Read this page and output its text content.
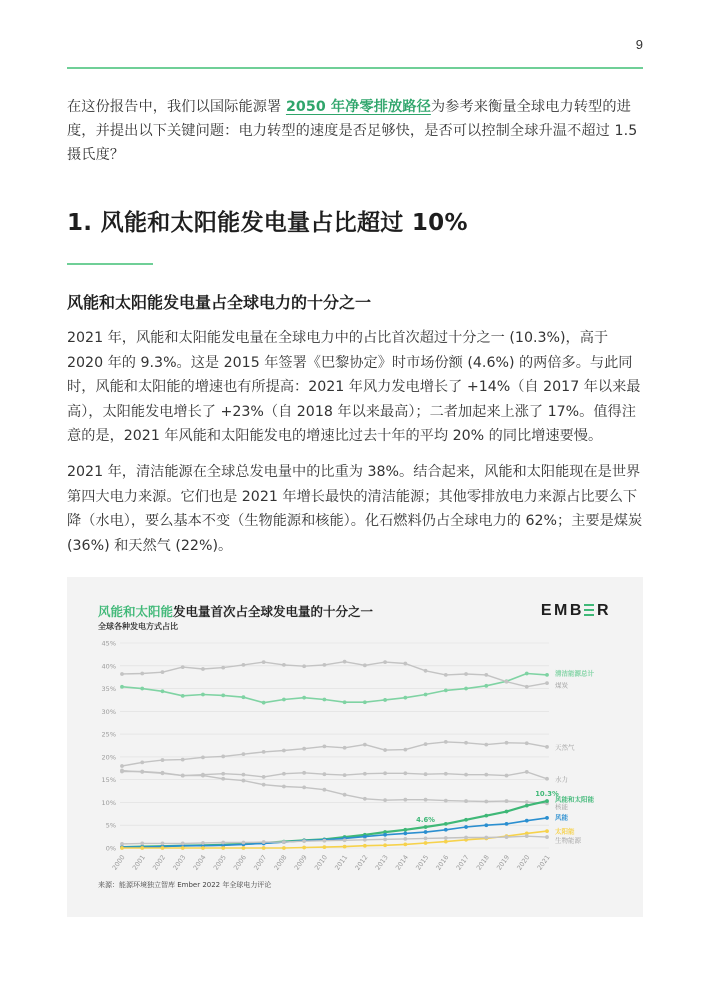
9

在这份报告中，我们以国际能源署 2050 年净零排放路径为参考来衡量全球电力转型的进度，并提出以下关键问题：电力转型的速度是否足够快，是否可以控制全球升温不超过 1.5 摄氏度？

1. 风能和太阳能发电量占比超过 10%
风能和太阳能发电量占全球电力的十分之一

2021 年，风能和太阳能发电量在全球电力中的占比首次超过十分之一 (10.3%)，高于 2020 年的 9.3%。这是 2015 年签署《巴黎协定》时市场份额 (4.6%) 的两倍多。与此同时，风能和太阳能的增速也有所提高：2021 年风力发电增长了 +14%（自 2017 年以来最高），太阳能发电增长了 +23%（自 2018 年以来最高）；二者加起来上涨了 17%。值得注意的是，2021 年风能和太阳能发电的增速比过去十年的平均 20% 的同比增速要慢。

2021 年，清洁能源在全球总发电量中的比重为 38%。结合起来，风能和太阳能现在是世界第四大电力来源。它们也是 2021 年增长最快的清洁能源；其他零排放电力来源占比要么下降（水电），要么基本不变（生物能源和核能）。化石燃料仍占全球电力的 62%；主要是煤炭 (36%) 和天然气 (22%)。

0%
5%
10%
15%
20%
25%
30%
35%
40%
45%
2000 2001 2002 2003 2004 2005 2006 2007 2008 2009 2010 2011 2012 2013 2014 2015 2016 2017 2018 2019 2020 2021
清洁能源总计
煤炭
天然气
水力
核能
风能和太阳能
风能
太阳能
生物能源
4.6%
10.3%
风能和太阳能发电量首次占全球发电量的十分之一
全球各种发电方式占比
EMB R
来源：能源环境独立智库 Ember 2022 年全球电力评论
